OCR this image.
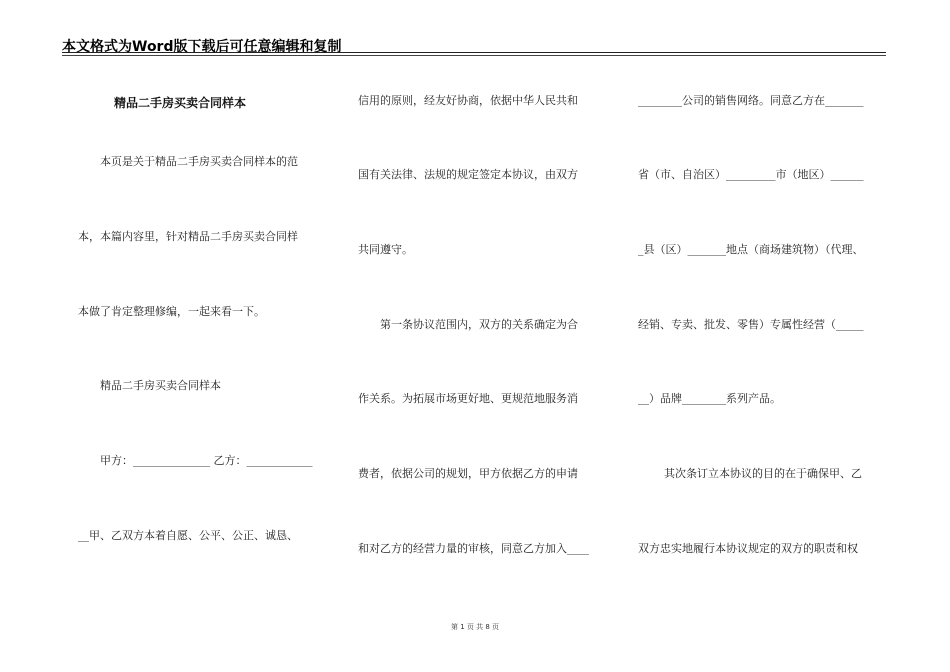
本文格式为Word版下载后可任意编辑和复制
精品二手房买卖合同样本
本页是关于精品二手房买卖合同样本的范
本，本篇内容里，针对精品二手房买卖合同样
本做了肯定整理修编，一起来看一下。
精品二手房买卖合同样本
甲方：______________ 乙方：____________
__甲、乙双方本着自愿、公平、公正、诚恳、
信用的原则，经友好协商，依据中华人民共和
国有关法律、法规的规定签定本协议，由双方
共同遵守。
第一条协议范围内，双方的关系确定为合
作关系。为拓展市场更好地、更规范地服务消
费者，依据公司的规划，甲方依据乙方的申请
和对乙方的经营力量的审核，同意乙方加入____
________公司的销售网络。同意乙方在_______
省（市、自治区）_________市（地区）______
_县（区）_______地点（商场建筑物）（代理、
经销、专卖、批发、零售）专属性经营（_____
__）品牌________系列产品。
其次条订立本协议的目的在于确保甲、乙
双方忠实地履行本协议规定的双方的职责和权
第 1 页 共 8 页
